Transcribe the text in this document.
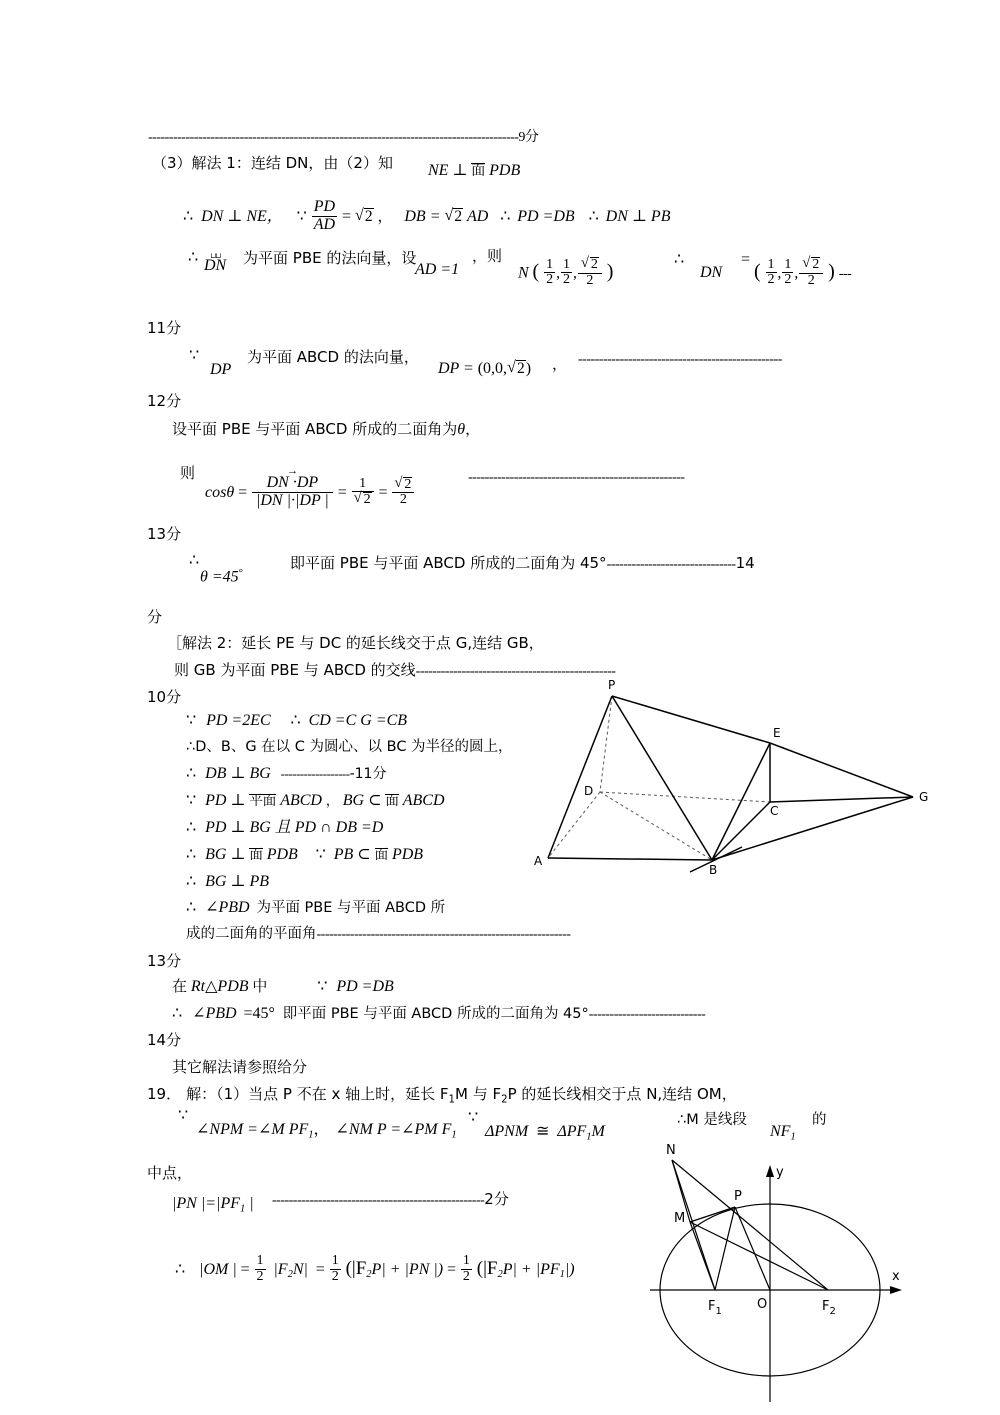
-----------------------------------------------------------------------------------------9分
（3）解法 1：连结 DN，由（2）知 NE ⊥ 面 PDB
∴ DN ⊥ NE， ∵ $\frac{PD}{AD}$ = √ 2 ， DB = √ 2 AD ∴ PD =DB ∴ DN ⊥ PB
∴ ⊔⊔ DN 为平面 PBE 的法向量，设
AD =1
，则
N ( $\frac{1}{2}$ , $\frac{1}{2}$ , √ $\frac{2}{2}$ )
∴
DN
=
( $\frac{1}{2}$ , $\frac{1}{2}$ , √ $\frac{2}{2}$ ) ---
11分
∵
DP
为平面 ABCD 的法向量，
DP = (0,0, √ 2) ， -------------------------------------------------
12分
设平面 PBE 与平面 ABCD 所成的二面角为θ，
则
cosθ = → $\frac{DN \cdot DP}{|DN |\cdot|DP |} = 1$
√ 2 = √ $\frac{2}{2}$	----------------------------------------------------
13分
∴
θ =45°
即平面 PBE 与平面 ABCD 所成的二面角为 45°-------------------------------14
分
［解法 2：延长 PE 与 DC 的延长线交于点 G,连结 GB，
则 GB 为平面 PBE 与 ABCD 的交线------------------------------------------------
10分
∵ PD =2EC ∴ CD =C G =CB
∴D、B、G 在以 C 为圆心、以 BC 为半径的圆上，
∴ DB ⊥ BG -------------------11分
∵ PD ⊥ 平面 ABCD ， BG ⊂ 面 ABCD
∴ PD ⊥ BG 且 PD ∩ DB =D
∴ BG ⊥ 面 PDB ∵ PB ⊂ 面 PDB
∴ BG ⊥ PB
∴ ∠PBD 为平面 PBE 与平面 ABCD 所
成的二面角的平面角-------------------------------------------------------------
13分
在 Rt△PDB 中	∵ PD =DB
∴ ∠PBD =45° 即平面 PBE 与平面 ABCD 所成的二面角为 45°----------------------------
14分
其它解法请参照给分
19． 解：（1）当点 P 不在 x 轴上时，延长 $F_1M$ 与 $F_2P$ 的延长线相交于点 N,连结 OM，
∵
∠NPM =∠M $PF_1$， ∠NM P =∠PM $F_1$
∵
ΔPNM ≅ $\Delta PF_1M$
∴M 是线段
$NF_1$
的
中点，
|PN $|=|PF_1$ | ---------------------------------------------------2分
∴ |OM | = $\frac{1}{2} |F_2N| = \frac{1}{2} (|F_2P| + |PN$ |) = $\frac{1}{2} (|F_2P| + |PF_1|)$
P
E
D
C
G
A
B
N
P
M
y
x
$F_1$	O	$F_2$
